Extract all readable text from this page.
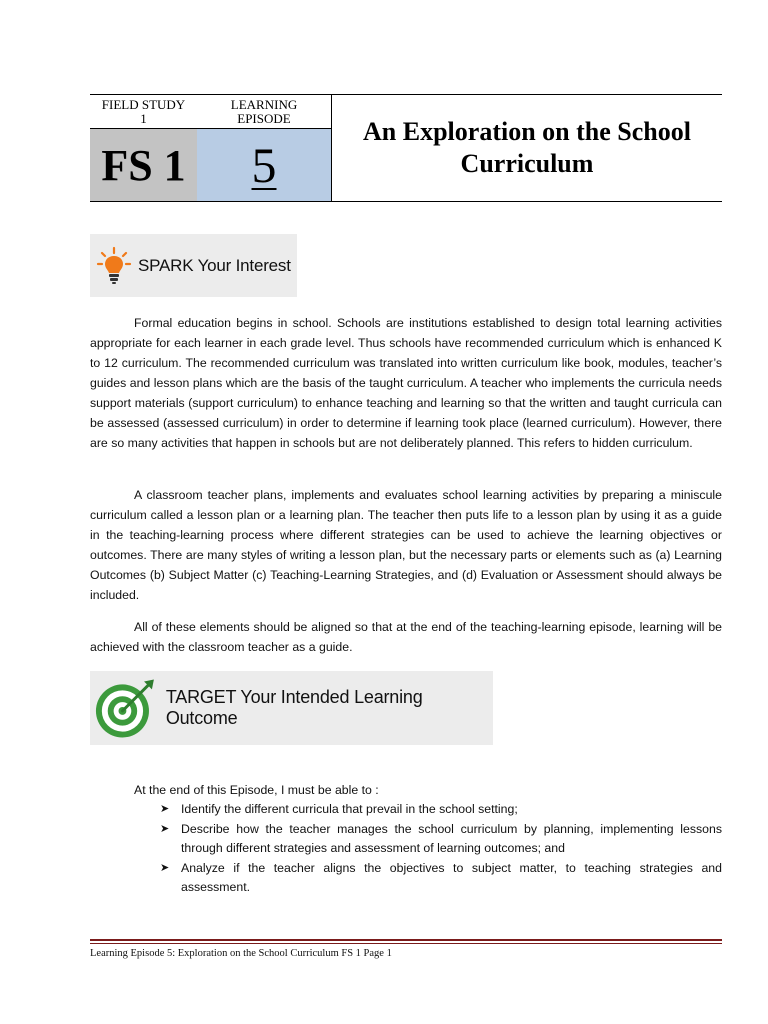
FIELD STUDY
1
LEARNING
EPISODE
FS 1 5
An Exploration on the School
Curriculum
SPARK Your Interest

Formal education begins in school. Schools are institutions established to design total learning activities appropriate for each learner in each grade level. Thus schools have recommended curriculum which is enhanced K to 12 curriculum. The recommended curriculum was translated into written curriculum like book, modules, teacher’s guides and lesson plans which are the basis of the taught curriculum. A teacher who implements the curricula needs support materials (support curriculum) to enhance teaching and learning so that the written and taught curricula can be assessed (assessed curriculum) in order to determine if learning took place (learned curriculum). However, there are so many activities that happen in schools but are not deliberately planned. This refers to hidden curriculum.

A classroom teacher plans, implements and evaluates school learning activities by preparing a miniscule curriculum called a lesson plan or a learning plan. The teacher then puts life to a lesson plan by using it as a guide in the teaching-learning process where different strategies can be used to achieve the learning objectives or outcomes. There are many styles of writing a lesson plan, but the necessary parts or elements such as (a) Learning Outcomes (b) Subject Matter (c) Teaching-Learning Strategies, and (d) Evaluation or Assessment should always be included.

All of these elements should be aligned so that at the end of the teaching-learning episode, learning will be achieved with the classroom teacher as a guide.

TARGET Your Intended Learning Outcome
At the end of this Episode, I must be able to :
➤ Identify the different curricula that prevail in the school setting;
➤ Describe how the teacher manages the school curriculum by planning, implementing lessons through different strategies and assessment of learning outcomes; and
➤ Analyze if the teacher aligns the objectives to subject matter, to teaching strategies and assessment.
Learning Episode 5: Exploration on the School Curriculum FS 1 Page 1
